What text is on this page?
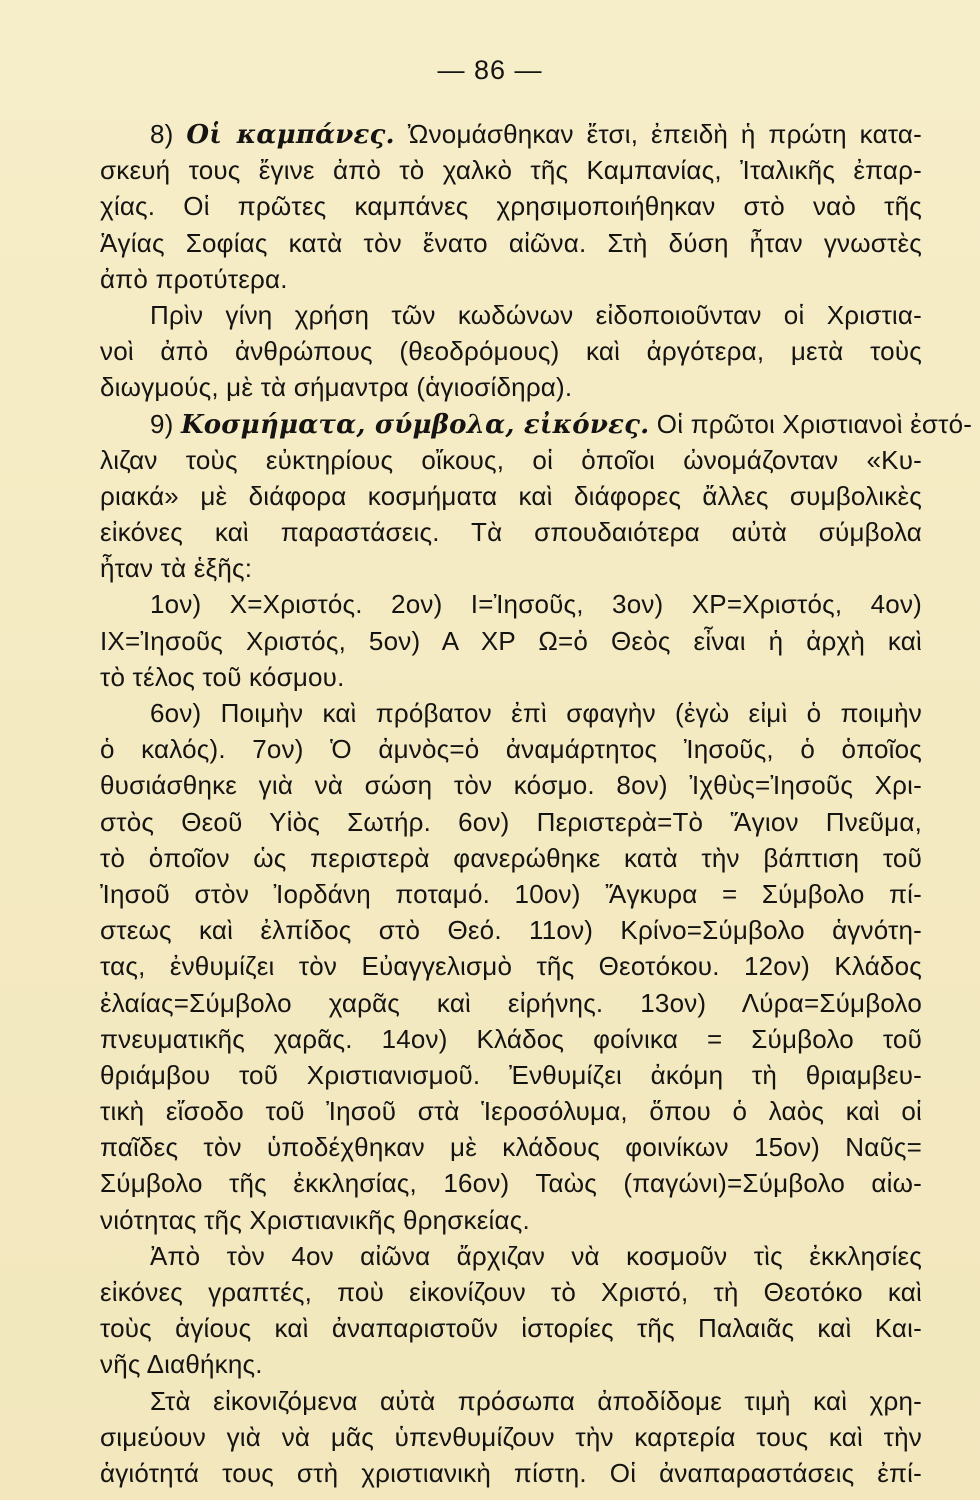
— 86 —
8) Οἱ καμπάνες. Ὠνομάσθηκαν ἔτσι, ἐπειδὴ ἡ πρώτη κατα-
σκευή τους ἔγινε ἀπὸ τὸ χαλκὸ τῆς Καμπανίας, Ἰταλικῆς ἐπαρ-
χίας. Οἱ πρῶτες καμπάνες χρησιμοποιήθηκαν στὸ ναὸ τῆς
Ἁγίας Σοφίας κατὰ τὸν ἔνατο αἰῶνα. Στὴ δύση ἦταν γνωστὲς
ἀπὸ προτύτερα.
Πρὶν γίνη χρήση τῶν κωδώνων εἰδοποιοῦνταν οἱ Χριστια-
νοὶ ἀπὸ ἀνθρώπους (θεοδρόμους) καὶ ἀργότερα, μετὰ τοὺς
διωγμούς, μὲ τὰ σήμαντρα (ἁγιοσίδηρα).
9) Κοσμήματα, σύμβολα, εἰκόνες. Οἱ πρῶτοι Χριστιανοὶ ἐστό-
λιζαν τοὺς εὐκτηρίους οἴκους, οἱ ὁποῖοι ὠνομάζονταν «Κυ-
ριακά» μὲ διάφορα κοσμήματα καὶ διάφορες ἄλλες συμβολικὲς
εἰκόνες καὶ παραστάσεις. Τὰ σπουδαιότερα αὐτὰ σύμβολα
ἦταν τὰ ἑξῆς:
1ον) Χ=Χριστός. 2ον) Ι=Ἰησοῦς, 3ον) ΧΡ=Χριστός, 4ον)
ΙΧ=Ἰησοῦς Χριστός, 5ον) Α ΧΡ Ω=ὁ Θεὸς εἶναι ἡ ἀρχὴ καὶ
τὸ τέλος τοῦ κόσμου.
6ον) Ποιμὴν καὶ πρόβατον ἐπὶ σφαγὴν (ἐγὼ εἰμὶ ὁ ποιμὴν
ὁ καλός). 7ον) Ὁ ἀμνὸς=ὁ ἀναμάρτητος Ἰησοῦς, ὁ ὁποῖος
θυσιάσθηκε γιὰ νὰ σώση τὸν κόσμο. 8ον) Ἰχθὺς=Ἰησοῦς Χρι-
στὸς Θεοῦ Υἱὸς Σωτήρ. 6ον) Περιστερὰ=Τὸ Ἅγιον Πνεῦμα,
τὸ ὁποῖον ὡς περιστερὰ φανερώθηκε κατὰ τὴν βάπτιση τοῦ
Ἰησοῦ στὸν Ἰορδάνη ποταμό. 10ον) Ἄγκυρα = Σύμβολο πί-
στεως καὶ ἐλπίδος στὸ Θεό. 11ον) Κρίνο=Σύμβολο ἁγνότη-
τας, ἐνθυμίζει τὸν Εὐαγγελισμὸ τῆς Θεοτόκου. 12ον) Κλάδος
ἐλαίας=Σύμβολο χαρᾶς καὶ εἰρήνης. 13ον) Λύρα=Σύμβολο
πνευματικῆς χαρᾶς. 14ον) Κλάδος φοίνικα = Σύμβολο τοῦ
θριάμβου τοῦ Χριστιανισμοῦ. Ἐνθυμίζει ἀκόμη τὴ θριαμβευ-
τικὴ εἴσοδο τοῦ Ἰησοῦ στὰ Ἱεροσόλυμα, ὅπου ὁ λαὸς καὶ οἱ
παῖδες τὸν ὑποδέχθηκαν μὲ κλάδους φοινίκων 15ον) Ναῦς=
Σύμβολο τῆς ἐκκλησίας, 16ον) Ταὼς (παγώνι)=Σύμβολο αἰω-
νιότητας τῆς Χριστιανικῆς θρησκείας.
Ἀπὸ τὸν 4ον αἰῶνα ἄρχιζαν νὰ κοσμοῦν τὶς ἐκκλησίες
εἰκόνες γραπτές, ποὺ εἰκονίζουν τὸ Χριστό, τὴ Θεοτόκο καὶ
τοὺς ἁγίους καὶ ἀναπαριστοῦν ἱστορίες τῆς Παλαιᾶς καὶ Και-
νῆς Διαθήκης.
Στὰ εἰκονιζόμενα αὐτὰ πρόσωπα ἀποδίδομε τιμὴ καὶ χρη-
σιμεύουν γιὰ νὰ μᾶς ὑπενθυμίζουν τὴν καρτερία τους καὶ τὴν
ἁγιότητά τους στὴ χριστιανικὴ πίστη. Οἱ ἀναπαραστάσεις ἐπί-
